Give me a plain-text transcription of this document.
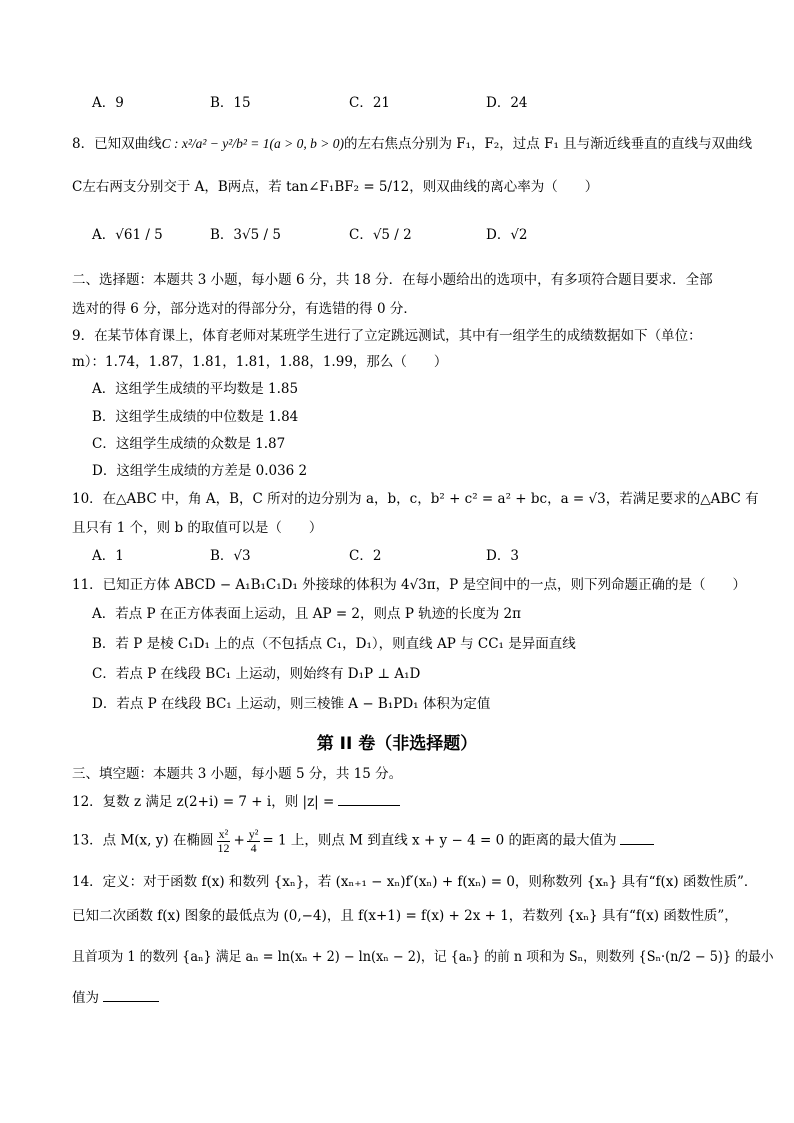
A．9	B．15	C．21	D．24
8．已知双曲线C : x²/a² − y²/b² = 1(a > 0, b > 0)的左右焦点分别为 F₁，F₂，过点 F₁ 且与渐近线垂直的直线与双曲线
C左右两支分别交于 A，B两点，若 tan∠F₁BF₂ = 5/12，则双曲线的离心率为（　　）
A．√61 / 5	B．3√5 / 5	C．√5 / 2	D．√2
二、选择题：本题共 3 小题，每小题 6 分，共 18 分．在每小题给出的选项中，有多项符合题目要求．全部
选对的得 6 分，部分选对的得部分分，有选错的得 0 分．
9．在某节体育课上，体育老师对某班学生进行了立定跳远测试，其中有一组学生的成绩数据如下（单位：
m）：1.74，1.87，1.81，1.81，1.88，1.99，那么（　　）
A．这组学生成绩的平均数是 1.85
B．这组学生成绩的中位数是 1.84
C．这组学生成绩的众数是 1.87
D．这组学生成绩的方差是 0.036 2
10．在△ABC 中，角 A，B，C 所对的边分别为 a，b，c，b² + c² = a² + bc，a = √3，若满足要求的△ABC 有
且只有 1 个，则 b 的取值可以是（　　）
A．1	B．√3	C．2	D．3
11．已知正方体 ABCD − A₁B₁C₁D₁ 外接球的体积为 4√3π，P 是空间中的一点，则下列命题正确的是（　　）
A．若点 P 在正方体表面上运动，且 AP = 2，则点 P 轨迹的长度为 2π
B．若 P 是棱 C₁D₁ 上的点（不包括点 C₁，D₁），则直线 AP 与 CC₁ 是异面直线
C．若点 P 在线段 BC₁ 上运动，则始终有 D₁P ⊥ A₁D
D．若点 P 在线段 BC₁ 上运动，则三棱锥 A − B₁PD₁ 体积为定值
第 II 卷（非选择题）
三、填空题：本题共 3 小题，每小题 5 分，共 15 分。
12．复数 z 满足 z(2+i) = 7 + i，则 |z| =
13．点 M(x, y) 在椭圆 $\frac{\text{x²}}{12} + \frac{\text{y²}}{4} = 1$ 上，则点 M 到直线 x + y − 4 = 0 的距离的最大值为
14．定义：对于函数 f(x) 和数列 {xₙ}，若 (xₙ₊₁ − xₙ)f′(xₙ) + f(xₙ) = 0，则称数列 {xₙ} 具有“f(x) 函数性质”．
已知二次函数 f(x) 图象的最低点为 (0,−4)，且 f(x+1) = f(x) + 2x + 1，若数列 {xₙ} 具有“f(x) 函数性质”，
且首项为 1 的数列 {aₙ} 满足 aₙ = ln(xₙ + 2) − ln(xₙ − 2)，记 {aₙ} 的前 n 项和为 Sₙ，则数列 {Sₙ·(n/2 − 5)} 的最小
值为
